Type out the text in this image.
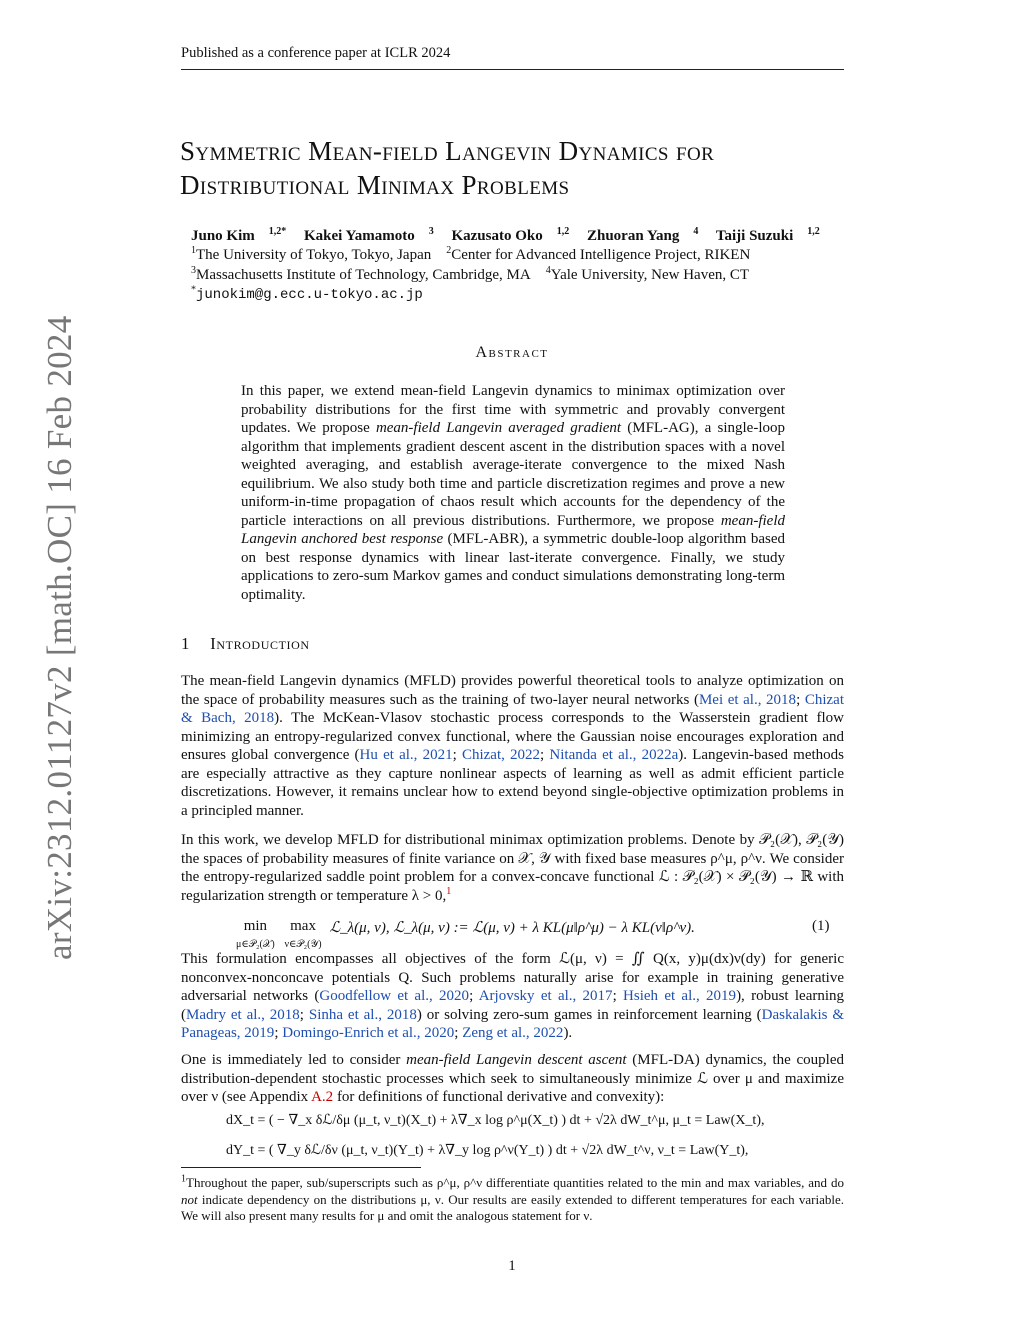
Published as a conference paper at ICLR 2024
arXiv:2312.01127v2 [math.OC] 16 Feb 2024
Symmetric Mean-field Langevin Dynamics for
Distributional Minimax Problems
Juno Kim $^{1,2*}$ Kakei Yamamoto $^3$ Kazusato Oko $^{1,2}$ Zhuoran Yang $^4$ Taiji Suzuki $^{1,2}$
$^1$The University of Tokyo, Tokyo, Japan $^2$Center for Advanced Intelligence Project, RIKEN
$^3$Massachusetts Institute of Technology, Cambridge, MA $^4$Yale University, New Haven, CT
*junokim@g.ecc.u-tokyo.ac.jp
Abstract
In this paper, we extend mean-field Langevin dynamics to minimax optimization over probability distributions for the first time with symmetric and provably convergent updates. We propose mean-field Langevin averaged gradient (MFL-AG), a single-loop algorithm that implements gradient descent ascent in the distribution spaces with a novel weighted averaging, and establish average-iterate convergence to the mixed Nash equilibrium. We also study both time and particle discretization regimes and prove a new uniform-in-time propagation of chaos result which accounts for the dependency of the particle interactions on all previous distributions. Furthermore, we propose mean-field Langevin anchored best response (MFL-ABR), a symmetric double-loop algorithm based on best response dynamics with linear last-iterate convergence. Finally, we study applications to zero-sum Markov games and conduct simulations demonstrating long-term optimality.
1 Introduction
The mean-field Langevin dynamics (MFLD) provides powerful theoretical tools to analyze optimization on the space of probability measures such as the training of two-layer neural networks (Mei et al., 2018; Chizat & Bach, 2018). The McKean-Vlasov stochastic process corresponds to the Wasserstein gradient flow minimizing an entropy-regularized convex functional, where the Gaussian noise encourages exploration and ensures global convergence (Hu et al., 2021; Chizat, 2022; Nitanda et al., 2022a). Langevin-based methods are especially attractive as they capture nonlinear aspects of learning as well as admit efficient particle discretizations. However, it remains unclear how to extend beyond single-objective optimization problems in a principled manner.
In this work, we develop MFLD for distributional minimax optimization problems. Denote by 𝒫₂(𝒳), 𝒫₂(𝒴) the spaces of probability measures of finite variance on 𝒳, 𝒴 with fixed base measures ρ^μ, ρ^ν. We consider the entropy-regularized saddle point problem for a convex-concave functional ℒ : 𝒫₂(𝒳) × 𝒫₂(𝒴) → ℝ with regularization strength or temperature λ > 0,$^1$
min
μ∈𝒫₂(𝒳) max
ν∈𝒫₂(𝒴) ℒ_λ(μ, ν), ℒ_λ(μ, ν) := ℒ(μ, ν) + λ KL(μ‖ρ^μ) − λ KL(ν‖ρ^ν).	(1)
This formulation encompasses all objectives of the form ℒ(μ, ν) = ∬ Q(x, y)μ(dx)ν(dy) for generic nonconvex-nonconcave potentials Q. Such problems naturally arise for example in training generative adversarial networks (Goodfellow et al., 2020; Arjovsky et al., 2017; Hsieh et al., 2019), robust learning (Madry et al., 2018; Sinha et al., 2018) or solving zero-sum games in reinforcement learning (Daskalakis & Panageas, 2019; Domingo-Enrich et al., 2020; Zeng et al., 2022).
One is immediately led to consider mean-field Langevin descent ascent (MFL-DA) dynamics, the coupled distribution-dependent stochastic processes which seek to simultaneously minimize ℒ over μ and maximize over ν (see Appendix A.2 for definitions of functional derivative and convexity):
dX_t = ( − ∇_x δℒ/δμ (μ_t, ν_t)(X_t) + λ∇_x log ρ^μ(X_t) ) dt + √2λ dW_t^μ, μ_t = Law(X_t),
dY_t = ( ∇_y δℒ/δν (μ_t, ν_t)(Y_t) + λ∇_y log ρ^ν(Y_t) ) dt + √2λ dW_t^ν, ν_t = Law(Y_t),
$^1$Throughout the paper, sub/superscripts such as ρ^μ, ρ^ν differentiate quantities related to the min and max variables, and do not indicate dependency on the distributions μ, ν. Our results are easily extended to different temperatures for each variable. We will also present many results for μ and omit the analogous statement for ν.
1
